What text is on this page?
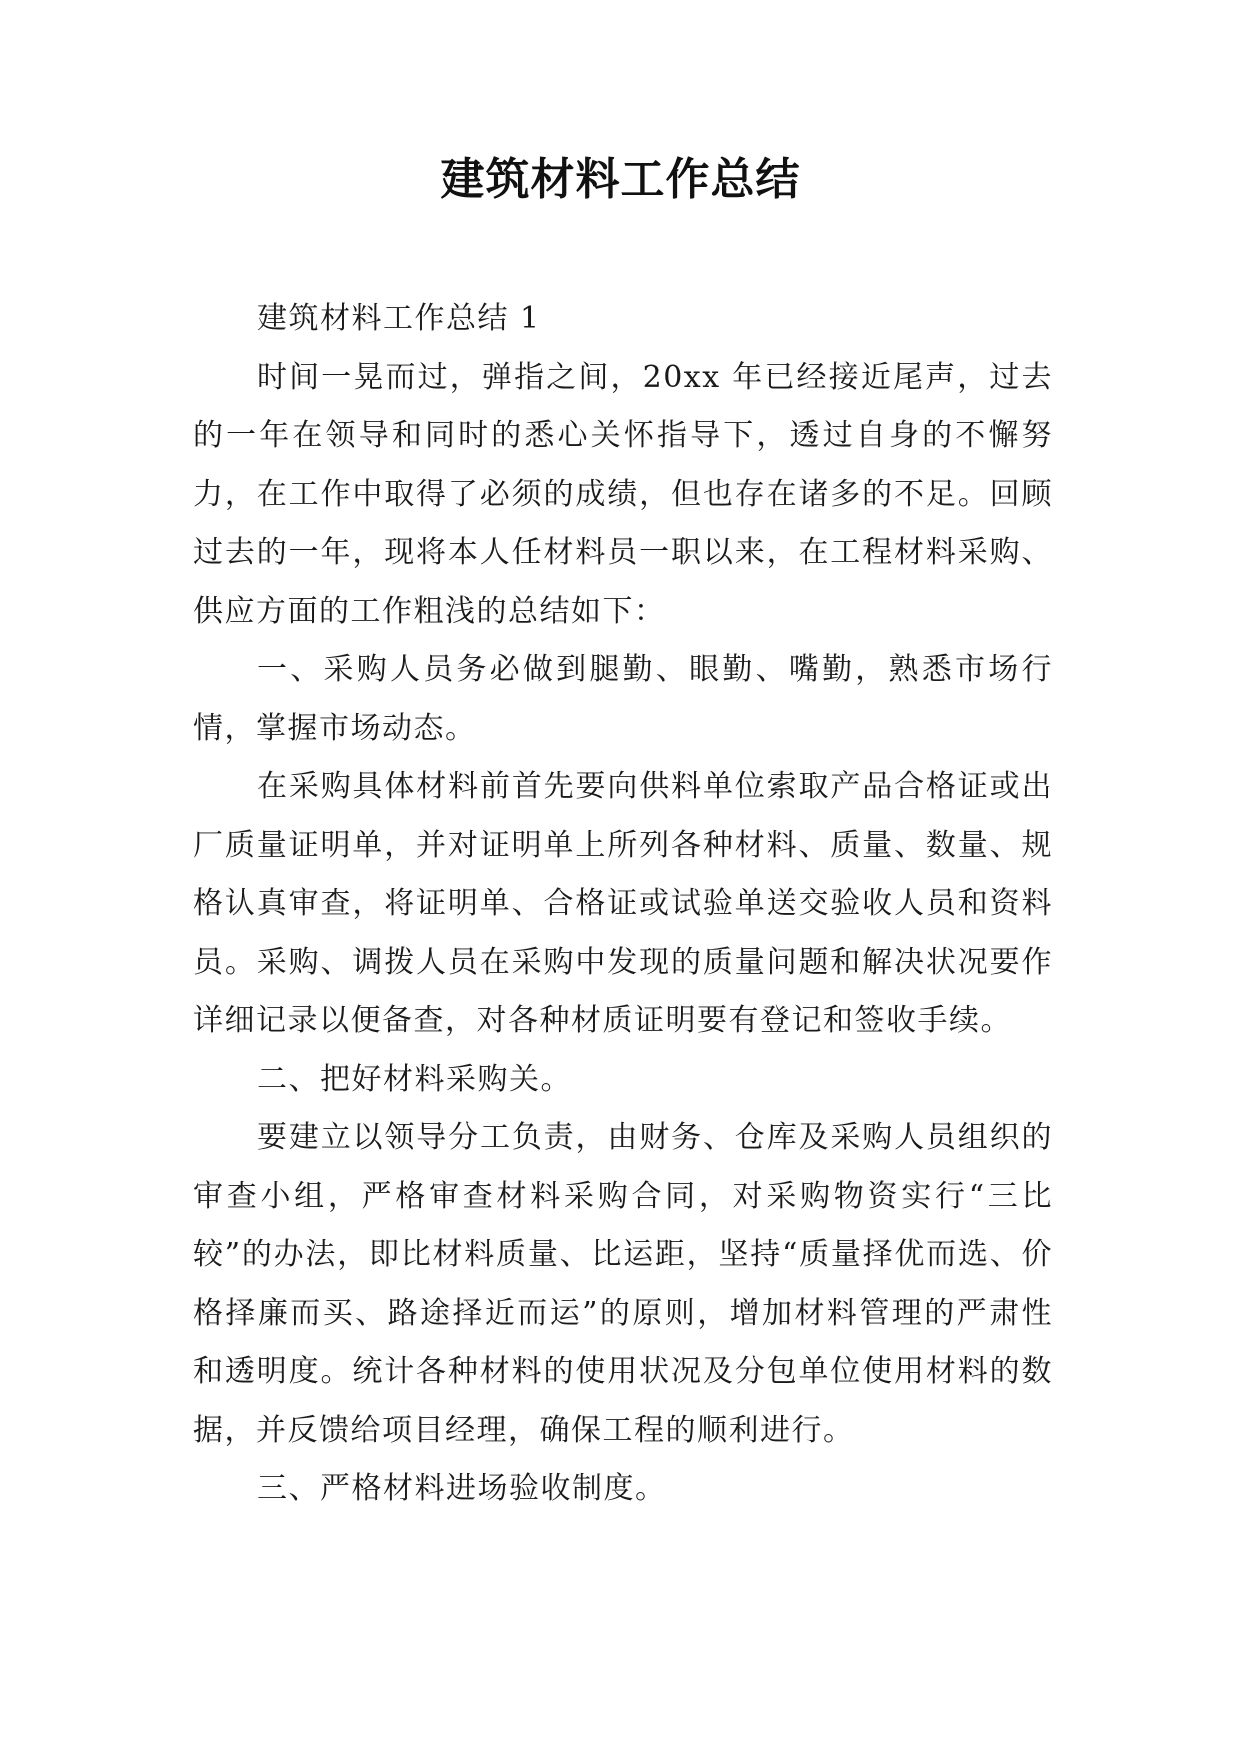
建筑材料工作总结

建筑材料工作总结 1

时间一晃而过，弹指之间，20xx 年已经接近尾声，过去的一年在领导和同时的悉心关怀指导下，透过自身的不懈努力，在工作中取得了必须的成绩，但也存在诸多的不足。回顾过去的一年，现将本人任材料员一职以来，在工程材料采购、供应方面的工作粗浅的总结如下：

一、采购人员务必做到腿勤、眼勤、嘴勤，熟悉市场行情，掌握市场动态。

在采购具体材料前首先要向供料单位索取产品合格证或出厂质量证明单，并对证明单上所列各种材料、质量、数量、规格认真审查，将证明单、合格证或试验单送交验收人员和资料员。采购、调拨人员在采购中发现的质量问题和解决状况要作详细记录以便备查，对各种材质证明要有登记和签收手续。

二、把好材料采购关。

要建立以领导分工负责，由财务、仓库及采购人员组织的审查小组，严格审查材料采购合同，对采购物资实行“三比较”的办法，即比材料质量、比运距，坚持“质量择优而选、价格择廉而买、路途择近而运”的原则，增加材料管理的严肃性和透明度。统计各种材料的使用状况及分包单位使用材料的数据，并反馈给项目经理，确保工程的顺利进行。

三、严格材料进场验收制度。
